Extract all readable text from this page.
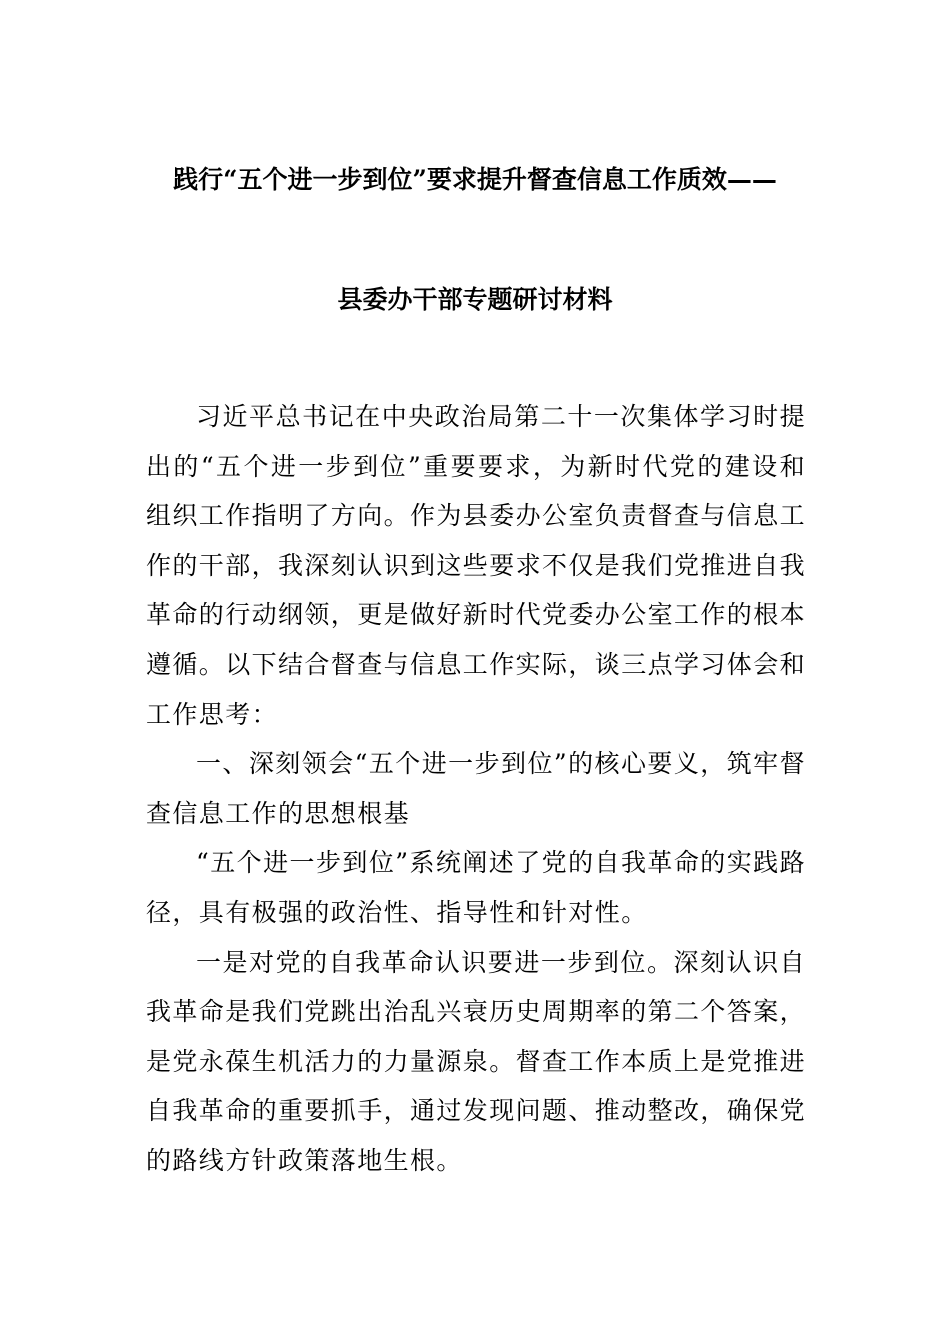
践行“五个进一步到位”要求提升督查信息工作质效——
县委办干部专题研讨材料

习近平总书记在中央政治局第二十一次集体学习时提出的“五个进一步到位”重要要求，为新时代党的建设和组织工作指明了方向。作为县委办公室负责督查与信息工作的干部，我深刻认识到这些要求不仅是我们党推进自我革命的行动纲领，更是做好新时代党委办公室工作的根本遵循。以下结合督查与信息工作实际，谈三点学习体会和工作思考：

一、深刻领会“五个进一步到位”的核心要义，筑牢督查信息工作的思想根基

“五个进一步到位”系统阐述了党的自我革命的实践路径，具有极强的政治性、指导性和针对性。

一是对党的自我革命认识要进一步到位。深刻认识自我革命是我们党跳出治乱兴衰历史周期率的第二个答案，是党永葆生机活力的力量源泉。督查工作本质上是党推进自我革命的重要抓手，通过发现问题、推动整改，确保党的路线方针政策落地生根。
